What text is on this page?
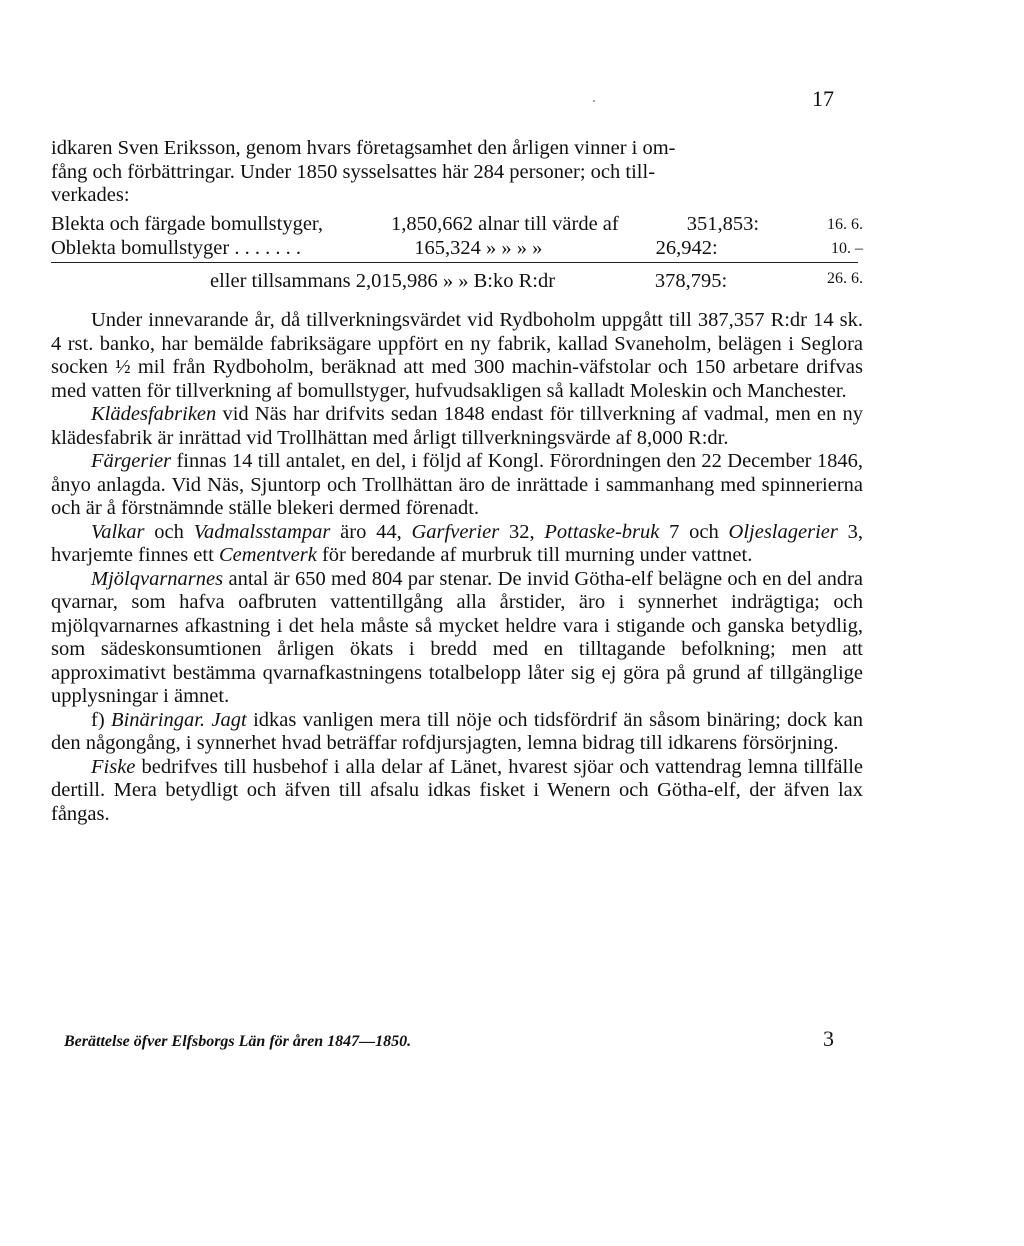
17
idkaren Sven Eriksson, genom hvars företagsamhet den årligen vinner i om-
fång och förbättringar. Under 1850 sysselsattes här 284 personer; och till-
verkades:
Blekta och färgade bomullstyger,	1,850,662 alnar till värde af	351,853:	16. 6.
Oblekta bomullstyger . . . . . . .	165,324 » » » »	26,942:	10. –
eller tillsammans 2,015,986 » » B:ko R:dr	378,795:	26. 6.

Under innevarande år, då tillverkningsvärdet vid Rydboholm uppgått till 387,357 R:dr 14 sk. 4 rst. banko, har bemälde fabriksägare uppfört en ny fabrik, kallad Svaneholm, belägen i Seglora socken ½ mil från Rydboholm, beräknad att med 300 machin-väfstolar och 150 arbetare drifvas med vatten för tillverkning af bomullstyger, hufvudsakligen så kalladt Moleskin och Manchester.

Klädesfabriken vid Näs har drifvits sedan 1848 endast för tillverkning af vadmal, men en ny klädesfabrik är inrättad vid Trollhättan med årligt tillverkningsvärde af 8,000 R:dr.

Färgerier finnas 14 till antalet, en del, i följd af Kongl. Förordningen den 22 December 1846, ånyo anlagda. Vid Näs, Sjuntorp och Trollhättan äro de inrättade i sammanhang med spinnerierna och är å förstnämnde ställe blekeri dermed förenadt.

Valkar och Vadmalsstampar äro 44, Garfverier 32, Pottaske-bruk 7 och Oljeslagerier 3, hvarjemte finnes ett Cementverk för beredande af murbruk till murning under vattnet.

Mjölqvarnarnes antal är 650 med 804 par stenar. De invid Götha-elf belägne och en del andra qvarnar, som hafva oafbruten vattentillgång alla årstider, äro i synnerhet indrägtiga; och mjölqvarnarnes afkastning i det hela måste så mycket heldre vara i stigande och ganska betydlig, som sädeskonsumtionen årligen ökats i bredd med en tilltagande befolkning; men att approximativt bestämma qvarnafkastningens totalbelopp låter sig ej göra på grund af tillgänglige upplysningar i ämnet.

f) Binäringar. Jagt idkas vanligen mera till nöje och tidsfördrif än såsom binäring; dock kan den någongång, i synnerhet hvad beträffar rofdjursjagten, lemna bidrag till idkarens försörjning.

Fiske bedrifves till husbehof i alla delar af Länet, hvarest sjöar och vattendrag lemna tillfälle dertill. Mera betydligt och äfven till afsalu idkas fisket i Wenern och Götha-elf, der äfven lax fångas.

Berättelse öfver Elfsborgs Län för åren 1847—1850.	3
